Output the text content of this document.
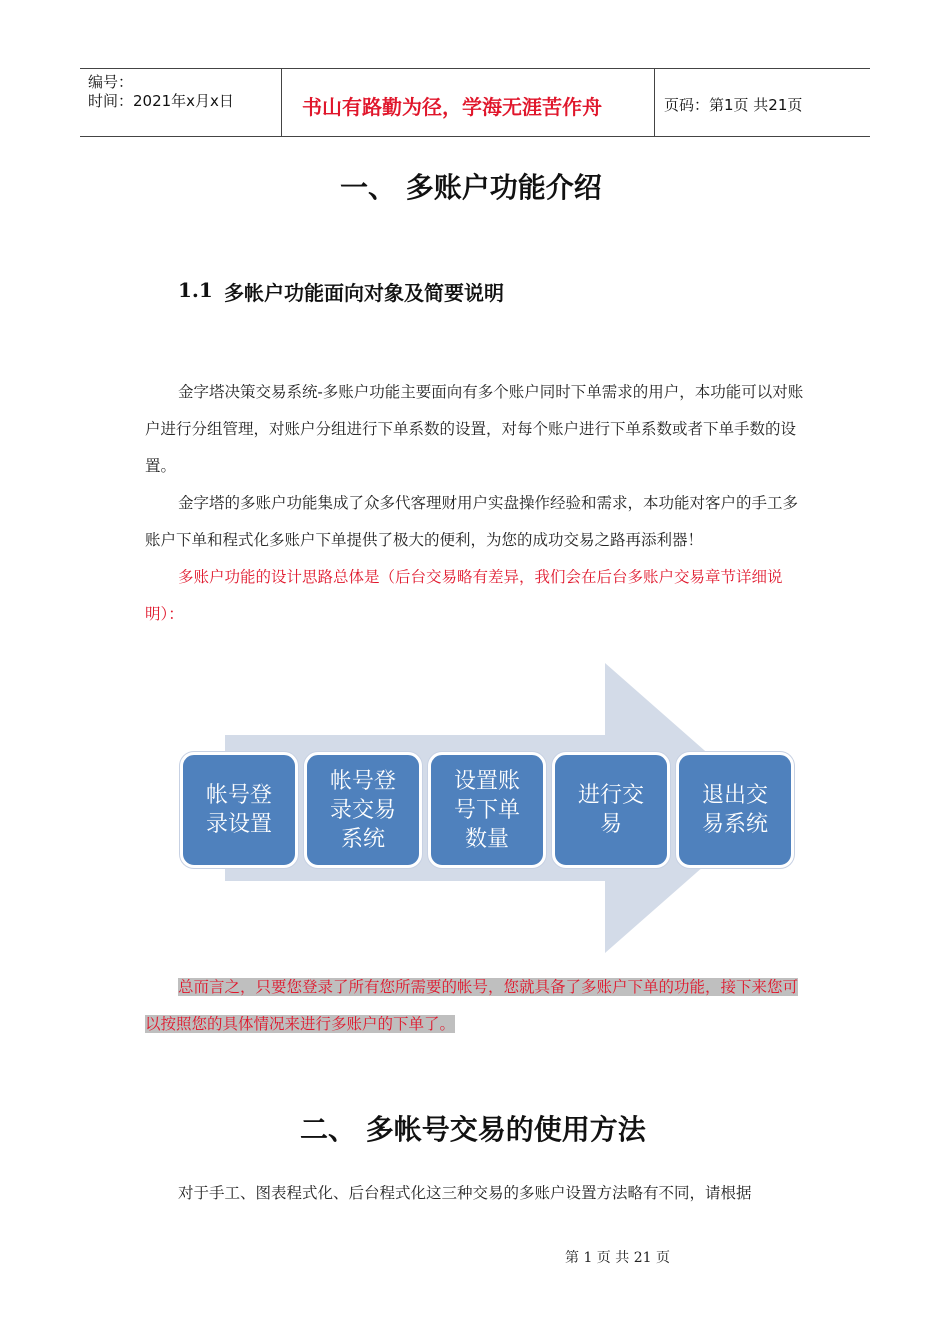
编号：
时间：2021年x月x日	书山有路勤为径，学海无涯苦作舟	页码：第1页 共21页
一、 多账户功能介绍
1.1 多帐户功能面向对象及简要说明
金字塔决策交易系统-多账户功能主要面向有多个账户同时下单需求的用户，本功能可以对账户进行分组管理，对账户分组进行下单系数的设置，对每个账户进行下单系数或者下单手数的设置。
金字塔的多账户功能集成了众多代客理财用户实盘操作经验和需求，本功能对客户的手工多账户下单和程式化多账户下单提供了极大的便利，为您的成功交易之路再添利器！
多账户功能的设计思路总体是（后台交易略有差异，我们会在后台多账户交易章节详细说明）：
帐号登录设置
帐号登录交易系统
设置账号下单数量
进行交易
退出交易系统
总而言之，只要您登录了所有您所需要的帐号，您就具备了多账户下单的功能，接下来您可以按照您的具体情况来进行多账户的下单了。
二、 多帐号交易的使用方法
对于手工、图表程式化、后台程式化这三种交易的多账户设置方法略有不同，请根据
第 1 页 共 21 页
